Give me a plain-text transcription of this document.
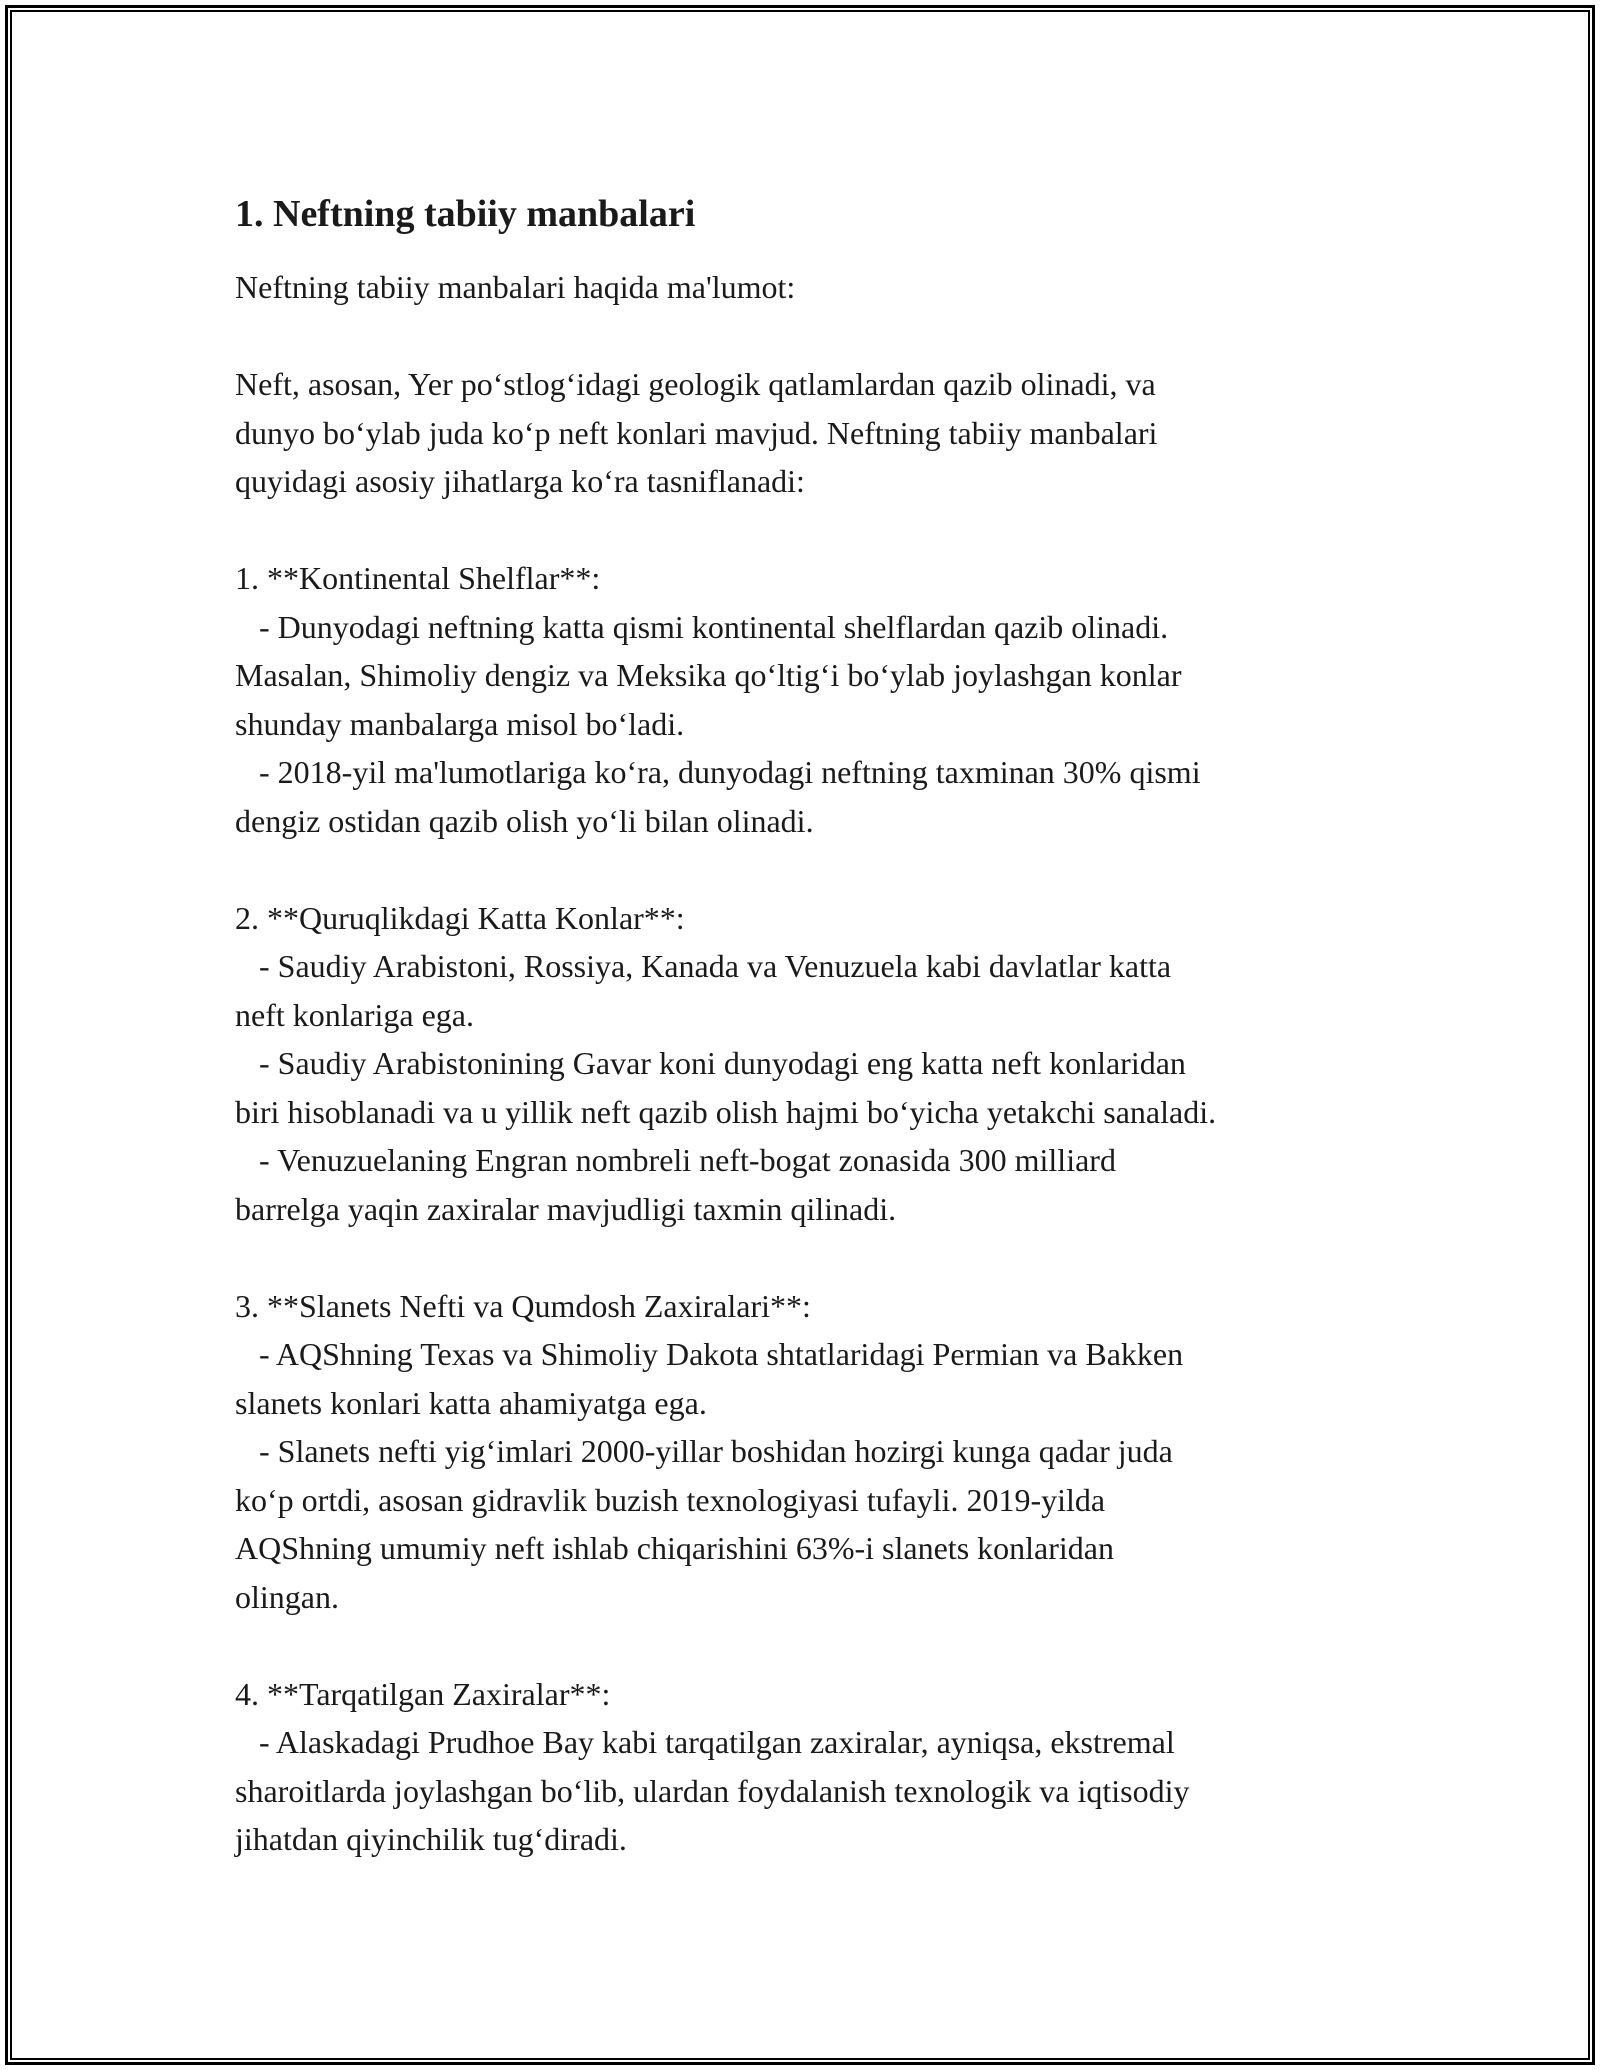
1. Neftning tabiiy manbalari
Neftning tabiiy manbalari haqida ma'lumot:

Neft, asosan, Yer po‘stlog‘idagi geologik qatlamlardan qazib olinadi, va
dunyo bo‘ylab juda ko‘p neft konlari mavjud. Neftning tabiiy manbalari
quyidagi asosiy jihatlarga ko‘ra tasniflanadi:

1. **Kontinental Shelflar**:
- Dunyodagi neftning katta qismi kontinental shelflardan qazib olinadi.
Masalan, Shimoliy dengiz va Meksika qo‘ltig‘i bo‘ylab joylashgan konlar
shunday manbalarga misol bo‘ladi.
- 2018-yil ma'lumotlariga ko‘ra, dunyodagi neftning taxminan 30% qismi
dengiz ostidan qazib olish yo‘li bilan olinadi.

2. **Quruqlikdagi Katta Konlar**:
- Saudiy Arabistoni, Rossiya, Kanada va Venuzuela kabi davlatlar katta
neft konlariga ega.
- Saudiy Arabistonining Gavar koni dunyodagi eng katta neft konlaridan
biri hisoblanadi va u yillik neft qazib olish hajmi bo‘yicha yetakchi sanaladi.
- Venuzuelaning Engran nombreli neft-bogat zonasida 300 milliard
barrelga yaqin zaxiralar mavjudligi taxmin qilinadi.

3. **Slanets Nefti va Qumdosh Zaxiralari**:
- AQShning Texas va Shimoliy Dakota shtatlaridagi Permian va Bakken
slanets konlari katta ahamiyatga ega.
- Slanets nefti yig‘imlari 2000-yillar boshidan hozirgi kunga qadar juda
ko‘p ortdi, asosan gidravlik buzish texnologiyasi tufayli. 2019-yilda
AQShning umumiy neft ishlab chiqarishini 63%-i slanets konlaridan
olingan.

4. **Tarqatilgan Zaxiralar**:
- Alaskadagi Prudhoe Bay kabi tarqatilgan zaxiralar, ayniqsa, ekstremal
sharoitlarda joylashgan bo‘lib, ulardan foydalanish texnologik va iqtisodiy
jihatdan qiyinchilik tug‘diradi.
